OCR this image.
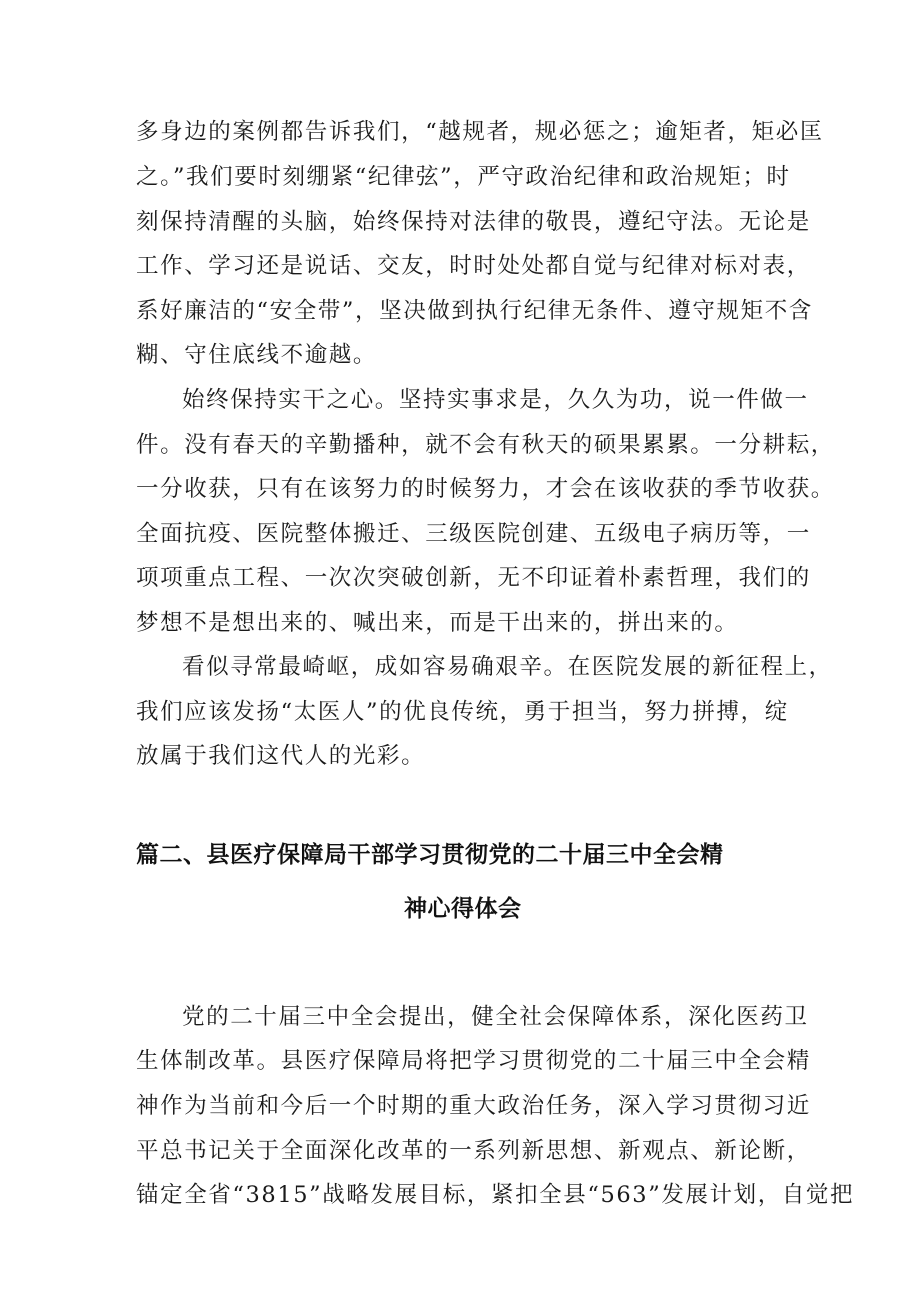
多身边的案例都告诉我们，“越规者，规必惩之；逾矩者，矩必匡
之。”我们要时刻绷紧“纪律弦”，严守政治纪律和政治规矩；时
刻保持清醒的头脑，始终保持对法律的敬畏，遵纪守法。无论是
工作、学习还是说话、交友，时时处处都自觉与纪律对标对表，
系好廉洁的“安全带”，坚决做到执行纪律无条件、遵守规矩不含
糊、守住底线不逾越。
始终保持实干之心。坚持实事求是，久久为功，说一件做一
件。没有春天的辛勤播种，就不会有秋天的硕果累累。一分耕耘，
一分收获，只有在该努力的时候努力，才会在该收获的季节收获。
全面抗疫、医院整体搬迁、三级医院创建、五级电子病历等，一
项项重点工程、一次次突破创新，无不印证着朴素哲理，我们的
梦想不是想出来的、喊出来，而是干出来的，拼出来的。
看似寻常最崎岖，成如容易确艰辛。在医院发展的新征程上，
我们应该发扬“太医人”的优良传统，勇于担当，努力拼搏，绽
放属于我们这代人的光彩。
篇二、县医疗保障局干部学习贯彻党的二十届三中全会精
神心得体会
党的二十届三中全会提出，健全社会保障体系，深化医药卫
生体制改革。县医疗保障局将把学习贯彻党的二十届三中全会精
神作为当前和今后一个时期的重大政治任务，深入学习贯彻习近
平总书记关于全面深化改革的一系列新思想、新观点、新论断，
锚定全省“3815”战略发展目标，紧扣全县“563”发展计划，自觉把
